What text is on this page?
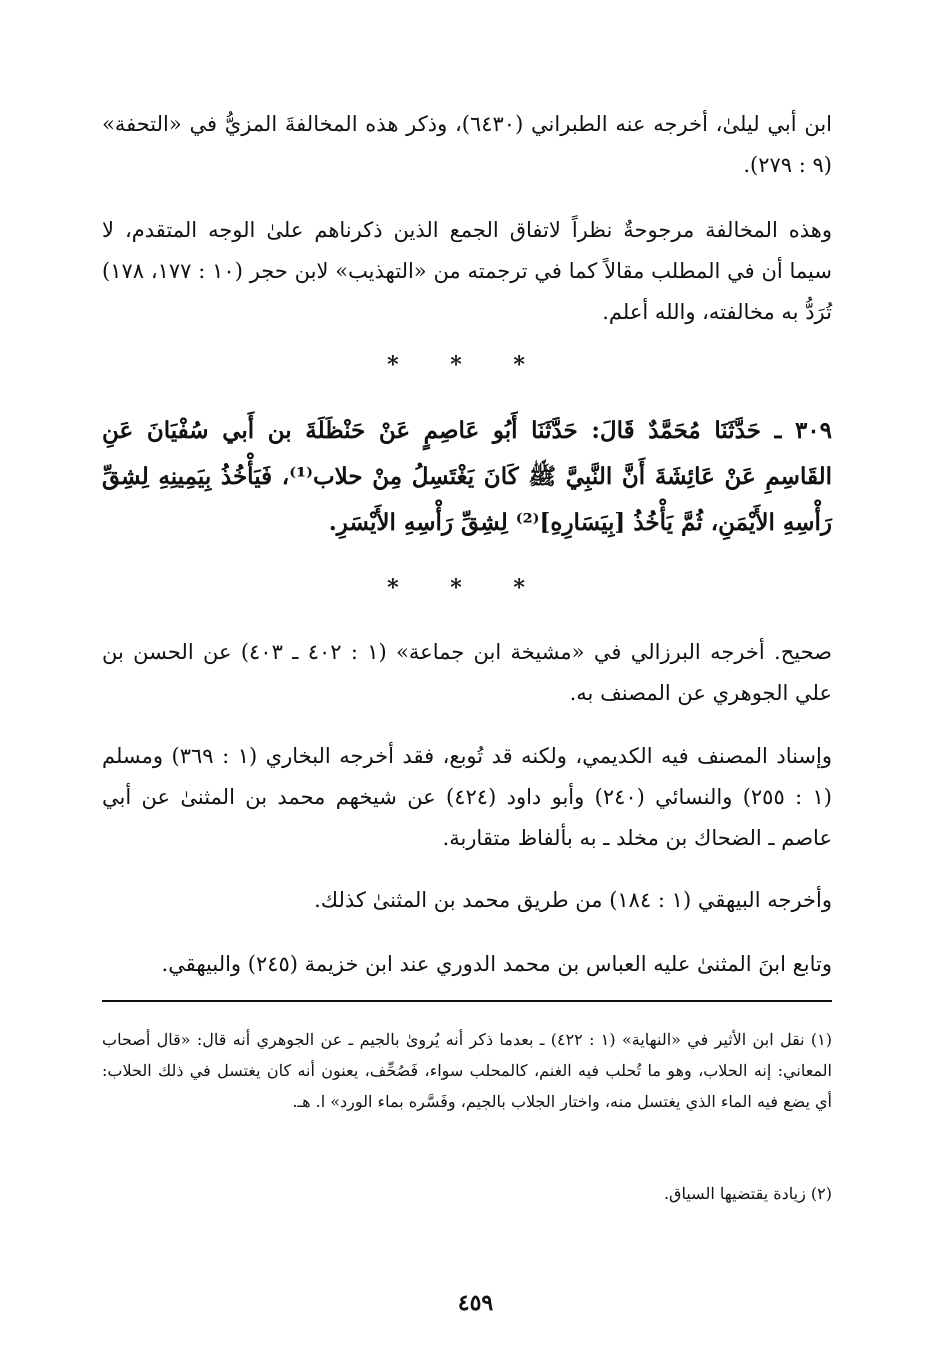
ابن أبي ليلىٰ، أخرجه عنه الطبراني (٦٤٣٠)، وذكر هذه المخالفةَ المزيُّ في «التحفة» (٩ : ٢٧٩).
وهذه المخالفة مرجوحةٌ نظراً لاتفاق الجمع الذين ذكرناهم علىٰ الوجه المتقدم، لا سيما أن في المطلب مقالاً كما في ترجمته من «التهذيب» لابن حجر (١٠ : ١٧٧، ١٧٨) تُرَدُّ به مخالفته، والله أعلم.
* * *
٣٠٩ ـ حَدَّثَنَا مُحَمَّدٌ قَالَ: حَدَّثَنَا أَبُو عَاصِمٍ عَنْ حَنْظَلَةَ بن أَبي سُفْيَانَ عَنِ القَاسِمِ عَنْ عَائِشَةَ أَنَّ النَّبِيَّ ﷺ كَانَ يَغْتَسِلُ مِنْ حلاب⁽¹⁾، فَيَأْخُذُ بِيَمِينِهِ لِشِقِّ رَأْسِهِ الأَيْمَنِ، ثُمَّ يَأْخُذُ [بِيَسَارِهِ]⁽²⁾ لِشِقِّ رَأْسِهِ الأَيْسَرِ.
* * *
صحيح. أخرجه البرزالي في «مشيخة ابن جماعة» (١ : ٤٠٢ ـ ٤٠٣) عن الحسن بن علي الجوهري عن المصنف به.
وإسناد المصنف فيه الكديمي، ولكنه قد تُوبع، فقد أخرجه البخاري (١ : ٣٦٩) ومسلم (١ : ٢٥٥) والنسائي (٢٤٠) وأبو داود (٤٢٤) عن شيخهم محمد بن المثنىٰ عن أبي عاصم ـ الضحاك بن مخلد ـ به بألفاظ متقاربة.
وأخرجه البيهقي (١ : ١٨٤) من طريق محمد بن المثنىٰ كذلك.
وتابع ابنَ المثنىٰ عليه العباس بن محمد الدوري عند ابن خزيمة (٢٤٥) والبيهقي.
(١) نقل ابن الأثير في «النهاية» (١ : ٤٢٢) ـ بعدما ذكر أنه يُروىٰ بالجيم ـ عن الجوهري أنه قال: «قال أصحاب المعاني: إنه الحلاب، وهو ما تُحلب فيه الغنم، كالمحلب سواء، فَصُحِّف، يعنون أنه كان يغتسل في ذلك الحلاب: أي يضع فيه الماء الذي يغتسل منه، واختار الجلاب بالجيم، وفَسَّره بماء الورد» ا. هـ.
(٢) زيادة يقتضيها السياق.
٤٥٩
